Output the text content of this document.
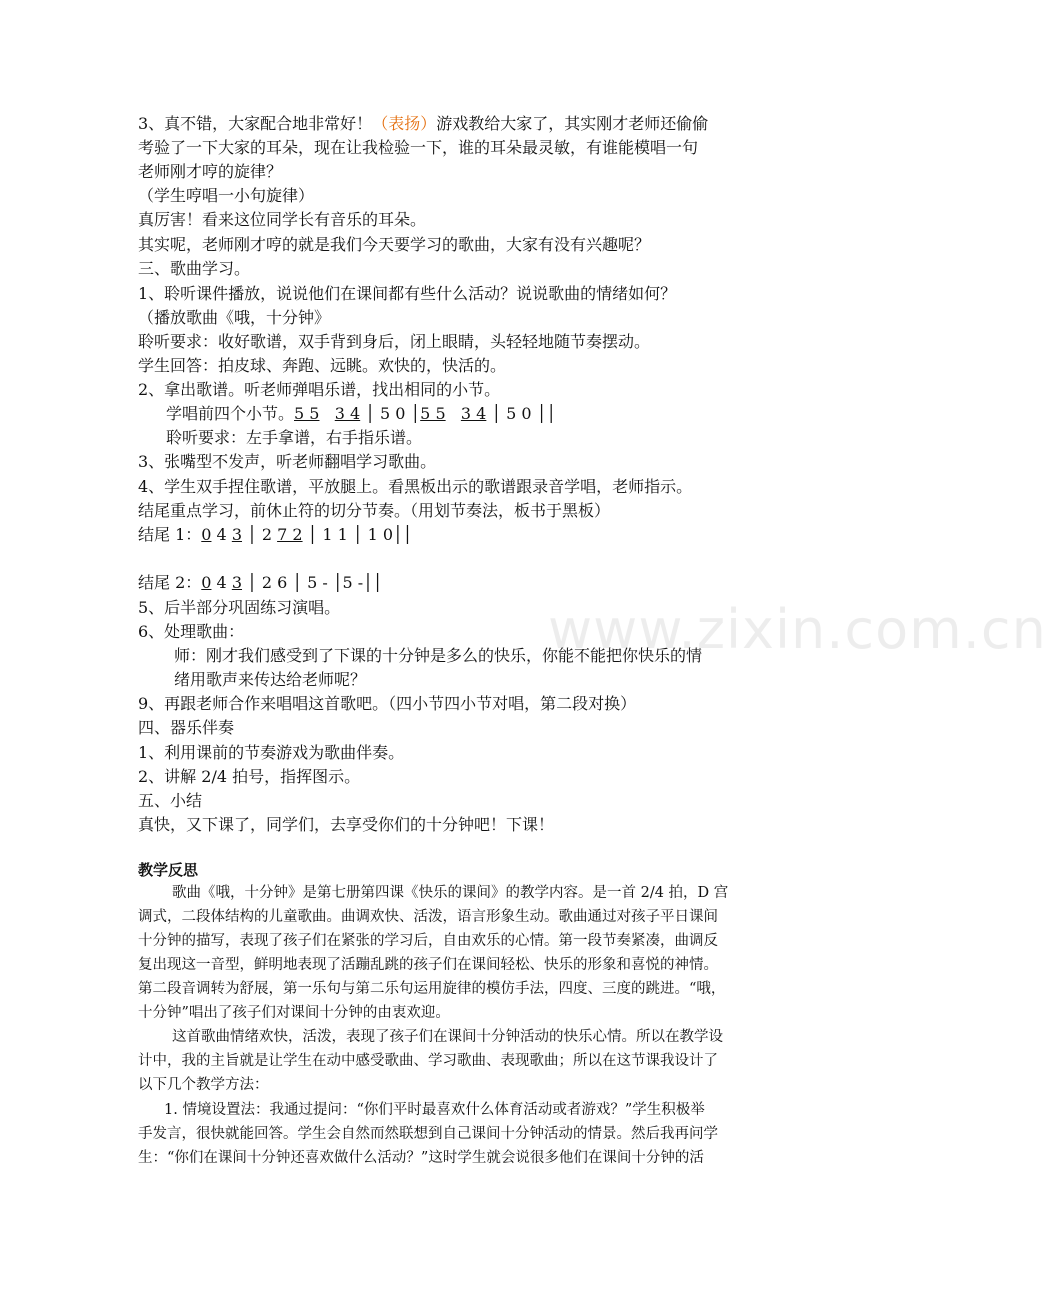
3、真不错，大家配合地非常好！（表扬）游戏教给大家了，其实刚才老师还偷偷
考验了一下大家的耳朵，现在让我检验一下，谁的耳朵最灵敏，有谁能模唱一句
老师刚才哼的旋律？
（学生哼唱一小句旋律）
真厉害！看来这位同学长有音乐的耳朵。
其实呢，老师刚才哼的就是我们今天要学习的歌曲，大家有没有兴趣呢？
三、歌曲学习。
1、聆听课件播放，说说他们在课间都有些什么活动？说说歌曲的情绪如何？
（播放歌曲《哦，十分钟》
聆听要求：收好歌谱，双手背到身后，闭上眼睛，头轻轻地随节奏摆动。
学生回答：拍皮球、奔跑、远眺。欢快的，快活的。
2、拿出歌谱。听老师弹唱乐谱，找出相同的小节。
学唱前四个小节。5 5 3 4 │ 5 0 │5 5 3 4 │ 5 0 ││
聆听要求：左手拿谱，右手指乐谱。
3、张嘴型不发声，听老师翻唱学习歌曲。
4、学生双手捏住歌谱，平放腿上。看黑板出示的歌谱跟录音学唱，老师指示。
结尾重点学习，前休止符的切分节奏。（用划节奏法，板书于黑板）
结尾 1：0 4 3 │ 2 7 2 │ 1 1 │ 1 0││
结尾 2：0 4 3 │ 2 6 │ 5 - │5 -││
5、后半部分巩固练习演唱。
6、处理歌曲：
师：刚才我们感受到了下课的十分钟是多么的快乐，你能不能把你快乐的情
绪用歌声来传达给老师呢？
9、再跟老师合作来唱唱这首歌吧。（四小节四小节对唱，第二段对换）
四、器乐伴奏
1、利用课前的节奏游戏为歌曲伴奏。
2、讲解 2/4 拍号，指挥图示。
五、小结
真快，又下课了，同学们，去享受你们的十分钟吧！下课！
教学反思
歌曲《哦，十分钟》是第七册第四课《快乐的课间》的教学内容。是一首 2/4 拍，D 宫
调式，二段体结构的儿童歌曲。曲调欢快、活泼，语言形象生动。歌曲通过对孩子平日课间
十分钟的描写，表现了孩子们在紧张的学习后，自由欢乐的心情。第一段节奏紧凑，曲调反
复出现这一音型，鲜明地表现了活蹦乱跳的孩子们在课间轻松、快乐的形象和喜悦的神情。
第二段音调转为舒展，第一乐句与第二乐句运用旋律的模仿手法，四度、三度的跳进。“哦，
十分钟”唱出了孩子们对课间十分钟的由衷欢迎。
这首歌曲情绪欢快，活泼，表现了孩子们在课间十分钟活动的快乐心情。所以在教学设
计中，我的主旨就是让学生在动中感受歌曲、学习歌曲、表现歌曲；所以在这节课我设计了
以下几个教学方法：
1. 情境设置法：我通过提问：“你们平时最喜欢什么体育活动或者游戏？”学生积极举
手发言，很快就能回答。学生会自然而然联想到自己课间十分钟活动的情景。然后我再问学
生：“你们在课间十分钟还喜欢做什么活动？”这时学生就会说很多他们在课间十分钟的活
www.zixin.com.cn
